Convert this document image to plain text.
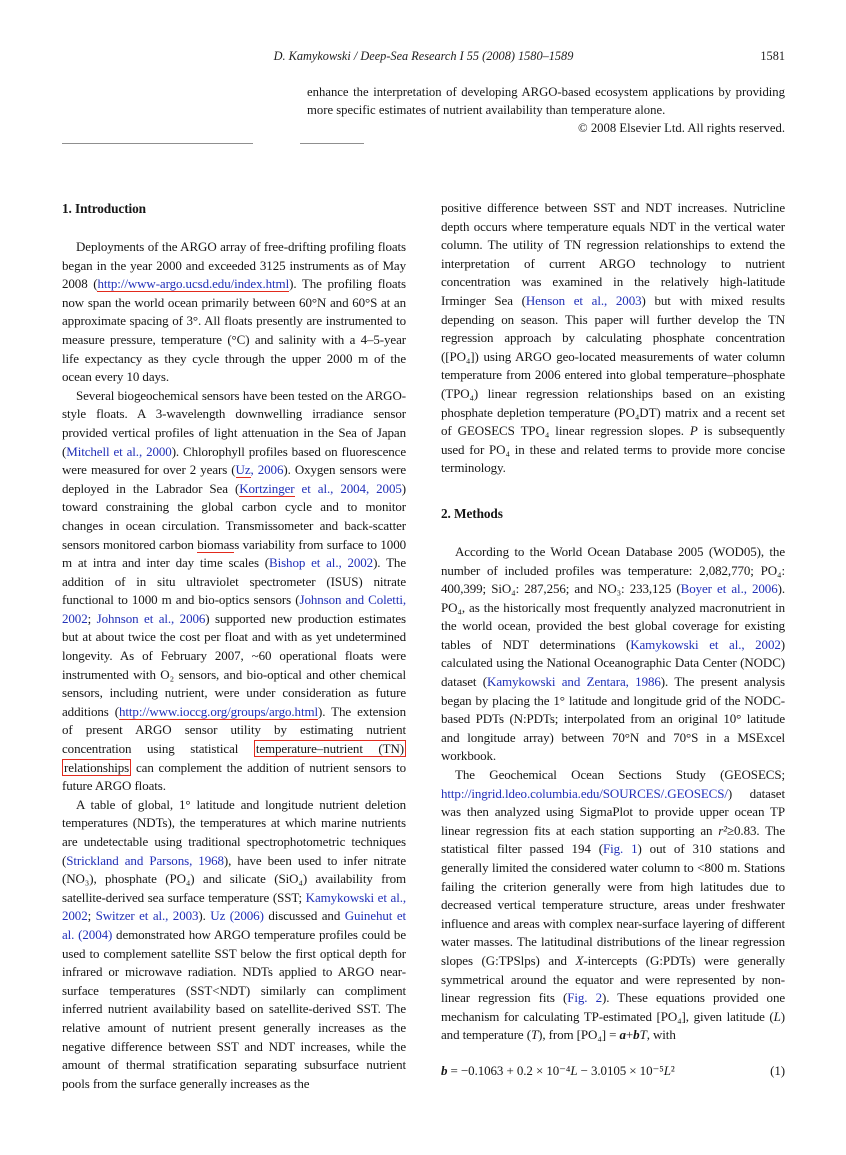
D. Kamykowski / Deep-Sea Research I 55 (2008) 1580–1589	1581

enhance the interpretation of developing ARGO-based ecosystem applications by providing more specific estimates of nutrient availability than temperature alone.

© 2008 Elsevier Ltd. All rights reserved.

1. Introduction

Deployments of the ARGO array of free-drifting profiling floats began in the year 2000 and exceeded 3125 instruments as of May 2008 (http://www-argo.ucsd.edu/index.html). The profiling floats now span the world ocean primarily between 60°N and 60°S at an approximate spacing of 3°. All floats presently are instrumented to measure pressure, temperature (°C) and salinity with a 4–5-year life expectancy as they cycle through the upper 2000 m of the ocean every 10 days.

Several biogeochemical sensors have been tested on the ARGO-style floats. A 3-wavelength downwelling irradiance sensor provided vertical profiles of light attenuation in the Sea of Japan (Mitchell et al., 2000). Chlorophyll profiles based on fluorescence were measured for over 2 years (Uz, 2006). Oxygen sensors were deployed in the Labrador Sea (Kortzinger et al., 2004, 2005) toward constraining the global carbon cycle and to monitor changes in ocean circulation. Transmissometer and back-scatter sensors monitored carbon biomass variability from surface to 1000 m at intra and inter day time scales (Bishop et al., 2002). The addition of in situ ultraviolet spectrometer (ISUS) nitrate functional to 1000 m and bio-optics sensors (Johnson and Coletti, 2002; Johnson et al., 2006) supported new production estimates but at about twice the cost per float and with as yet undetermined longevity. As of February 2007, ~60 operational floats were instrumented with O₂ sensors, and bio-optical and other chemical sensors, including nutrient, were under consideration as future additions (http://www.ioccg.org/groups/argo.html). The extension of present ARGO sensor utility by estimating nutrient concentration using statistical temperature–nutrient (TN) relationships can complement the addition of nutrient sensors to future ARGO floats.

A table of global, 1° latitude and longitude nutrient deletion temperatures (NDTs), the temperatures at which marine nutrients are undetectable using traditional spectrophotometric techniques (Strickland and Parsons, 1968), have been used to infer nitrate (NO₃), phosphate (PO₄) and silicate (SiO₄) availability from satellite-derived sea surface temperature (SST; Kamykowski et al., 2002; Switzer et al., 2003). Uz (2006) discussed and Guinehut et al. (2004) demonstrated how ARGO temperature profiles could be used to complement satellite SST below the first optical depth for infrared or microwave radiation. NDTs applied to ARGO near-surface temperatures (SST<NDT) similarly can compliment inferred nutrient availability based on satellite-derived SST. The relative amount of nutrient present generally increases as the negative difference between SST and NDT increases, while the amount of thermal stratification separating subsurface nutrient pools from the surface generally increases as the

positive difference between SST and NDT increases. Nutricline depth occurs where temperature equals NDT in the vertical water column. The utility of TN regression relationships to extend the interpretation of current ARGO technology to nutrient concentration was examined in the relatively high-latitude Irminger Sea (Henson et al., 2003) but with mixed results depending on season. This paper will further develop the TN regression approach by calculating phosphate concentration ([PO₄]) using ARGO geo-located measurements of water column temperature from 2006 entered into global temperature–phosphate (TPO₄) linear regression relationships based on an existing phosphate depletion temperature (PO₄DT) matrix and a recent set of GEOSECS TPO₄ linear regression slopes. P is subsequently used for PO₄ in these and related terms to provide more concise terminology.

2. Methods

According to the World Ocean Database 2005 (WOD05), the number of included profiles was temperature: 2,082,770; PO₄: 400,399; SiO₄: 287,256; and NO₃: 233,125 (Boyer et al., 2006). PO₄, as the historically most frequently analyzed macronutrient in the world ocean, provided the best global coverage for existing tables of NDT determinations (Kamykowski et al., 2002) calculated using the National Oceanographic Data Center (NODC) dataset (Kamykowski and Zentara, 1986). The present analysis began by placing the 1° latitude and longitude grid of the NODC-based PDTs (N:PDTs; interpolated from an original 10° latitude and longitude array) between 70°N and 70°S in a MSExcel workbook.

The Geochemical Ocean Sections Study (GEOSECS; http://ingrid.ldeo.columbia.edu/SOURCES/.GEOSECS/) dataset was then analyzed using SigmaPlot to provide upper ocean TP linear regression fits at each station supporting an r²≥0.83. The statistical filter passed 194 (Fig. 1) out of 310 stations and generally limited the considered water column to <800 m. Stations failing the criterion generally were from high latitudes due to decreased vertical temperature structure, areas under freshwater influence and areas with complex near-surface layering of different water masses. The latitudinal distributions of the linear regression slopes (G:TPSlps) and X-intercepts (G:PDTs) were generally symmetrical around the equator and were represented by non-linear regression fits (Fig. 2). These equations provided one mechanism for calculating TP-estimated [PO₄], given latitude (L) and temperature (T), from [PO₄] = a+bT, with

b = −0.1063 + 0.2 × 10⁻⁴L − 3.0105 × 10⁻⁵L²	(1)
